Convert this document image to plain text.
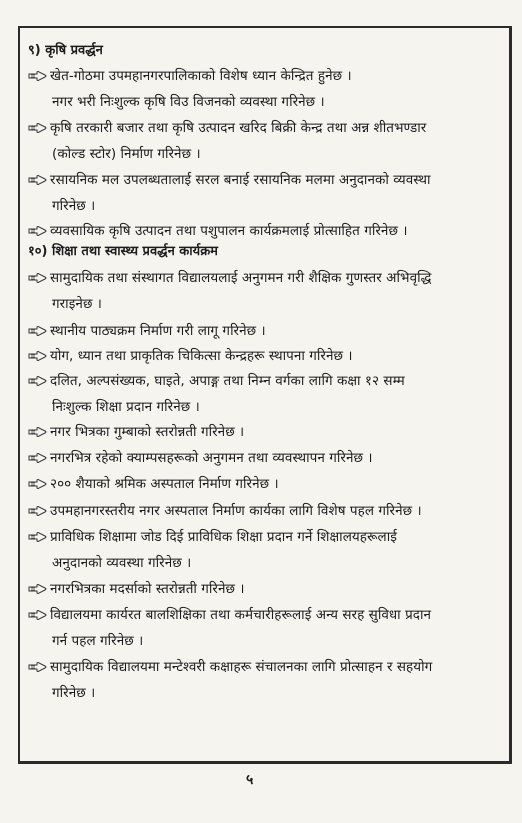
९) कृषि प्रवर्द्धन
खेत-गोठमा उपमहानगरपालिकाको विशेष ध्यान केन्द्रित हुनेछ ।
नगर भरी निःशुल्क कृषि विउ विजनको व्यवस्था गरिनेछ ।
कृषि तरकारी बजार तथा कृषि उत्पादन खरिद बिक्री केन्द्र तथा अन्न शीतभण्डार
(कोल्ड स्टोर) निर्माण गरिनेछ ।
रसायनिक मल उपलब्धतालाई सरल बनाई रसायनिक मलमा अनुदानको व्यवस्था
गरिनेछ ।
व्यवसायिक कृषि उत्पादन तथा पशुपालन कार्यक्रमलाई प्रोत्साहित गरिनेछ ।
१०) शिक्षा तथा स्वास्थ्य प्रवर्द्धन कार्यक्रम
सामुदायिक तथा संस्थागत विद्यालयलाई अनुगमन गरी शैक्षिक गुणस्तर अभिवृद्धि
गराइनेछ ।
स्थानीय पाठ्यक्रम निर्माण गरी लागू गरिनेछ ।
योग, ध्यान तथा प्राकृतिक चिकित्सा केन्द्रहरू स्थापना गरिनेछ ।
दलित, अल्पसंख्यक, घाइते, अपाङ्ग तथा निम्न वर्गका लागि कक्षा १२ सम्म
निःशुल्क शिक्षा प्रदान गरिनेछ ।
नगर भित्रका गुम्बाको स्तरोन्नती गरिनेछ ।
नगरभित्र रहेको क्याम्पसहरूको अनुगमन तथा व्यवस्थापन गरिनेछ ।
२०० शैयाको श्रमिक अस्पताल निर्माण गरिनेछ ।
उपमहानगरस्तरीय नगर अस्पताल निर्माण कार्यका लागि विशेष पहल गरिनेछ ।
प्राविधिक शिक्षामा जोड दिई प्राविधिक शिक्षा प्रदान गर्ने शिक्षालयहरूलाई
अनुदानको व्यवस्था गरिनेछ ।
नगरभित्रका मदर्साको स्तरोन्नती गरिनेछ ।
विद्यालयमा कार्यरत बालशिक्षिका तथा कर्मचारीहरूलाई अन्य सरह सुविधा प्रदान
गर्न पहल गरिनेछ ।
सामुदायिक विद्यालयमा मन्टेश्वरी कक्षाहरू संचालनका लागि प्रोत्साहन र सहयोग
गरिनेछ ।
५
